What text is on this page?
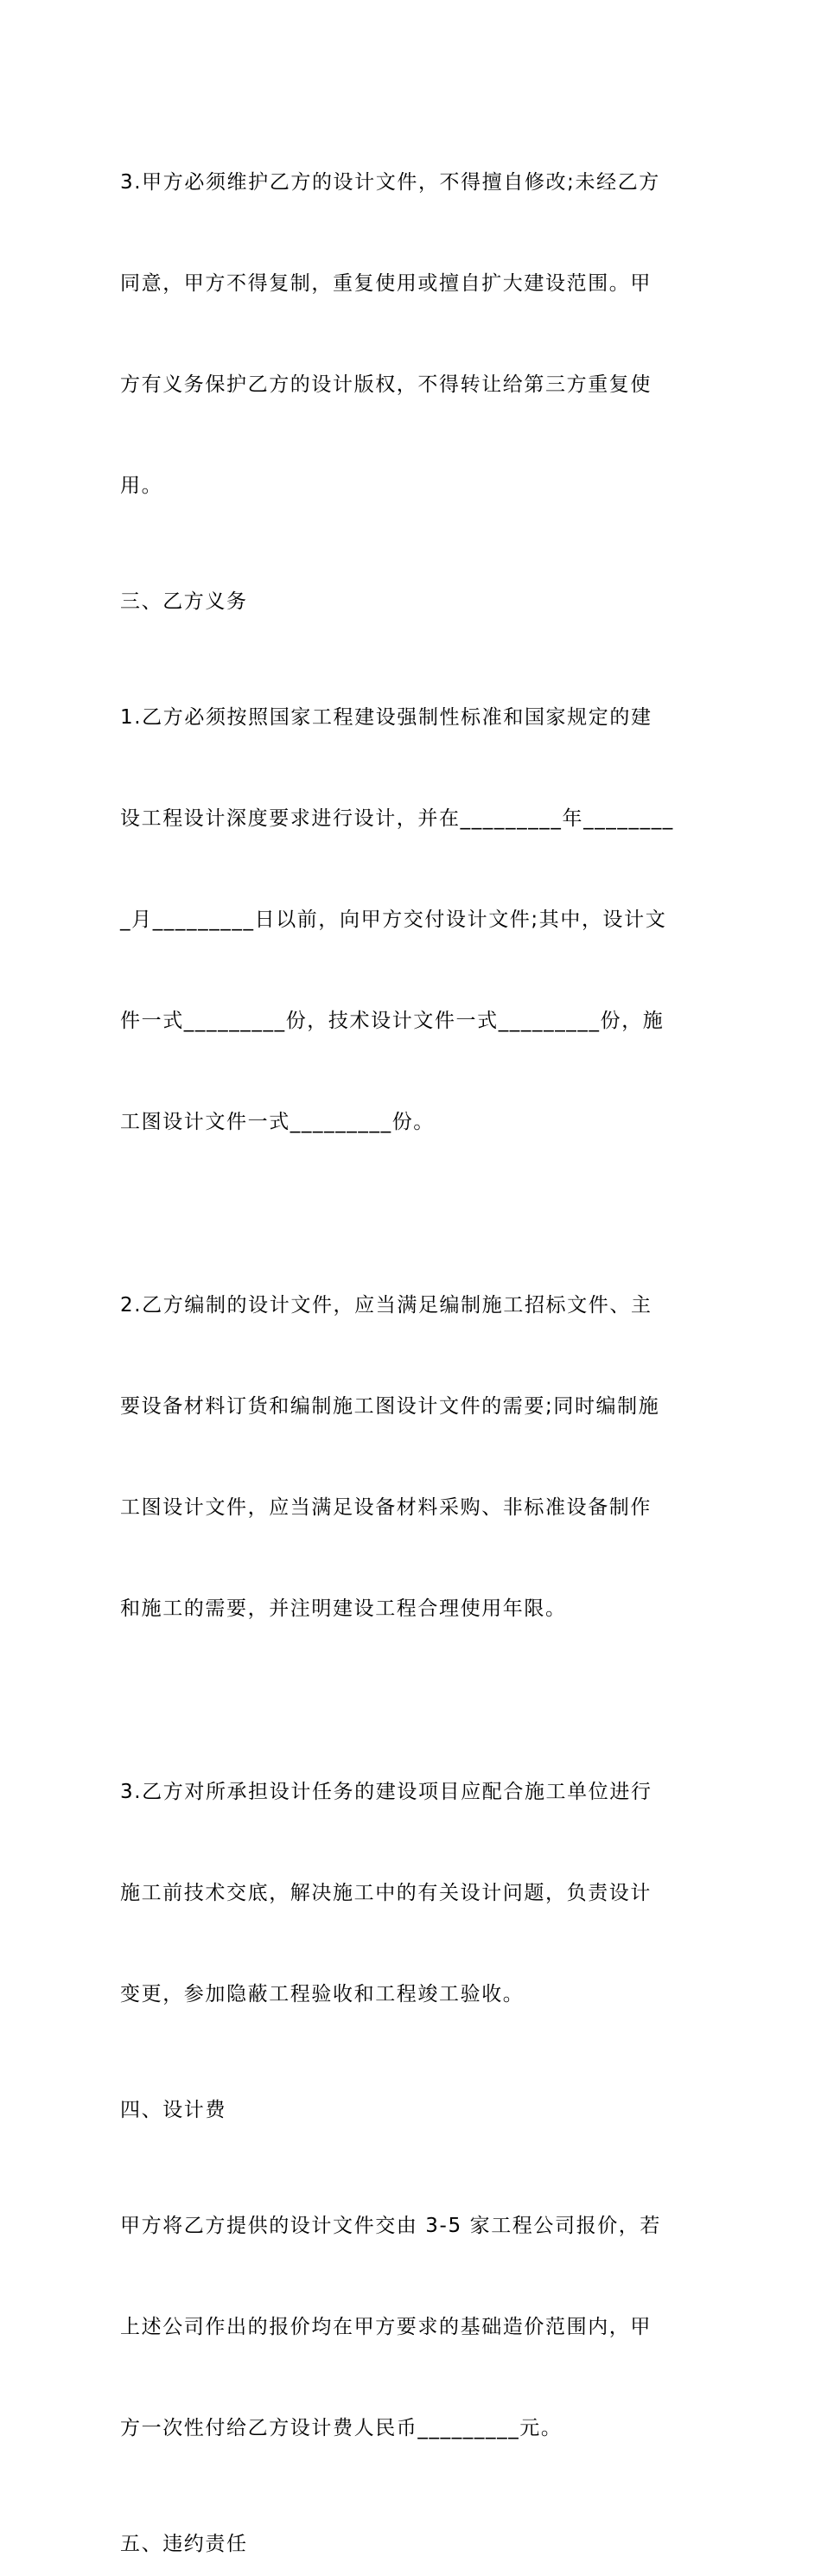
3.甲方必须维护乙方的设计文件，不得擅自修改;未经乙方

同意，甲方不得复制，重复使用或擅自扩大建设范围。甲

方有义务保护乙方的设计版权，不得转让给第三方重复使

用。

三、乙方义务

1.乙方必须按照国家工程建设强制性标准和国家规定的建

设工程设计深度要求进行设计，并在_________年________

_月_________日以前，向甲方交付设计文件;其中，设计文

件一式_________份，技术设计文件一式_________份，施

工图设计文件一式_________份。

2.乙方编制的设计文件，应当满足编制施工招标文件、主

要设备材料订货和编制施工图设计文件的需要;同时编制施

工图设计文件，应当满足设备材料采购、非标准设备制作

和施工的需要，并注明建设工程合理使用年限。

3.乙方对所承担设计任务的建设项目应配合施工单位进行

施工前技术交底，解决施工中的有关设计问题，负责设计

变更，参加隐蔽工程验收和工程竣工验收。

四、设计费

甲方将乙方提供的设计文件交由 3-5 家工程公司报价，若

上述公司作出的报价均在甲方要求的基础造价范围内，甲

方一次性付给乙方设计费人民币_________元。

五、违约责任
